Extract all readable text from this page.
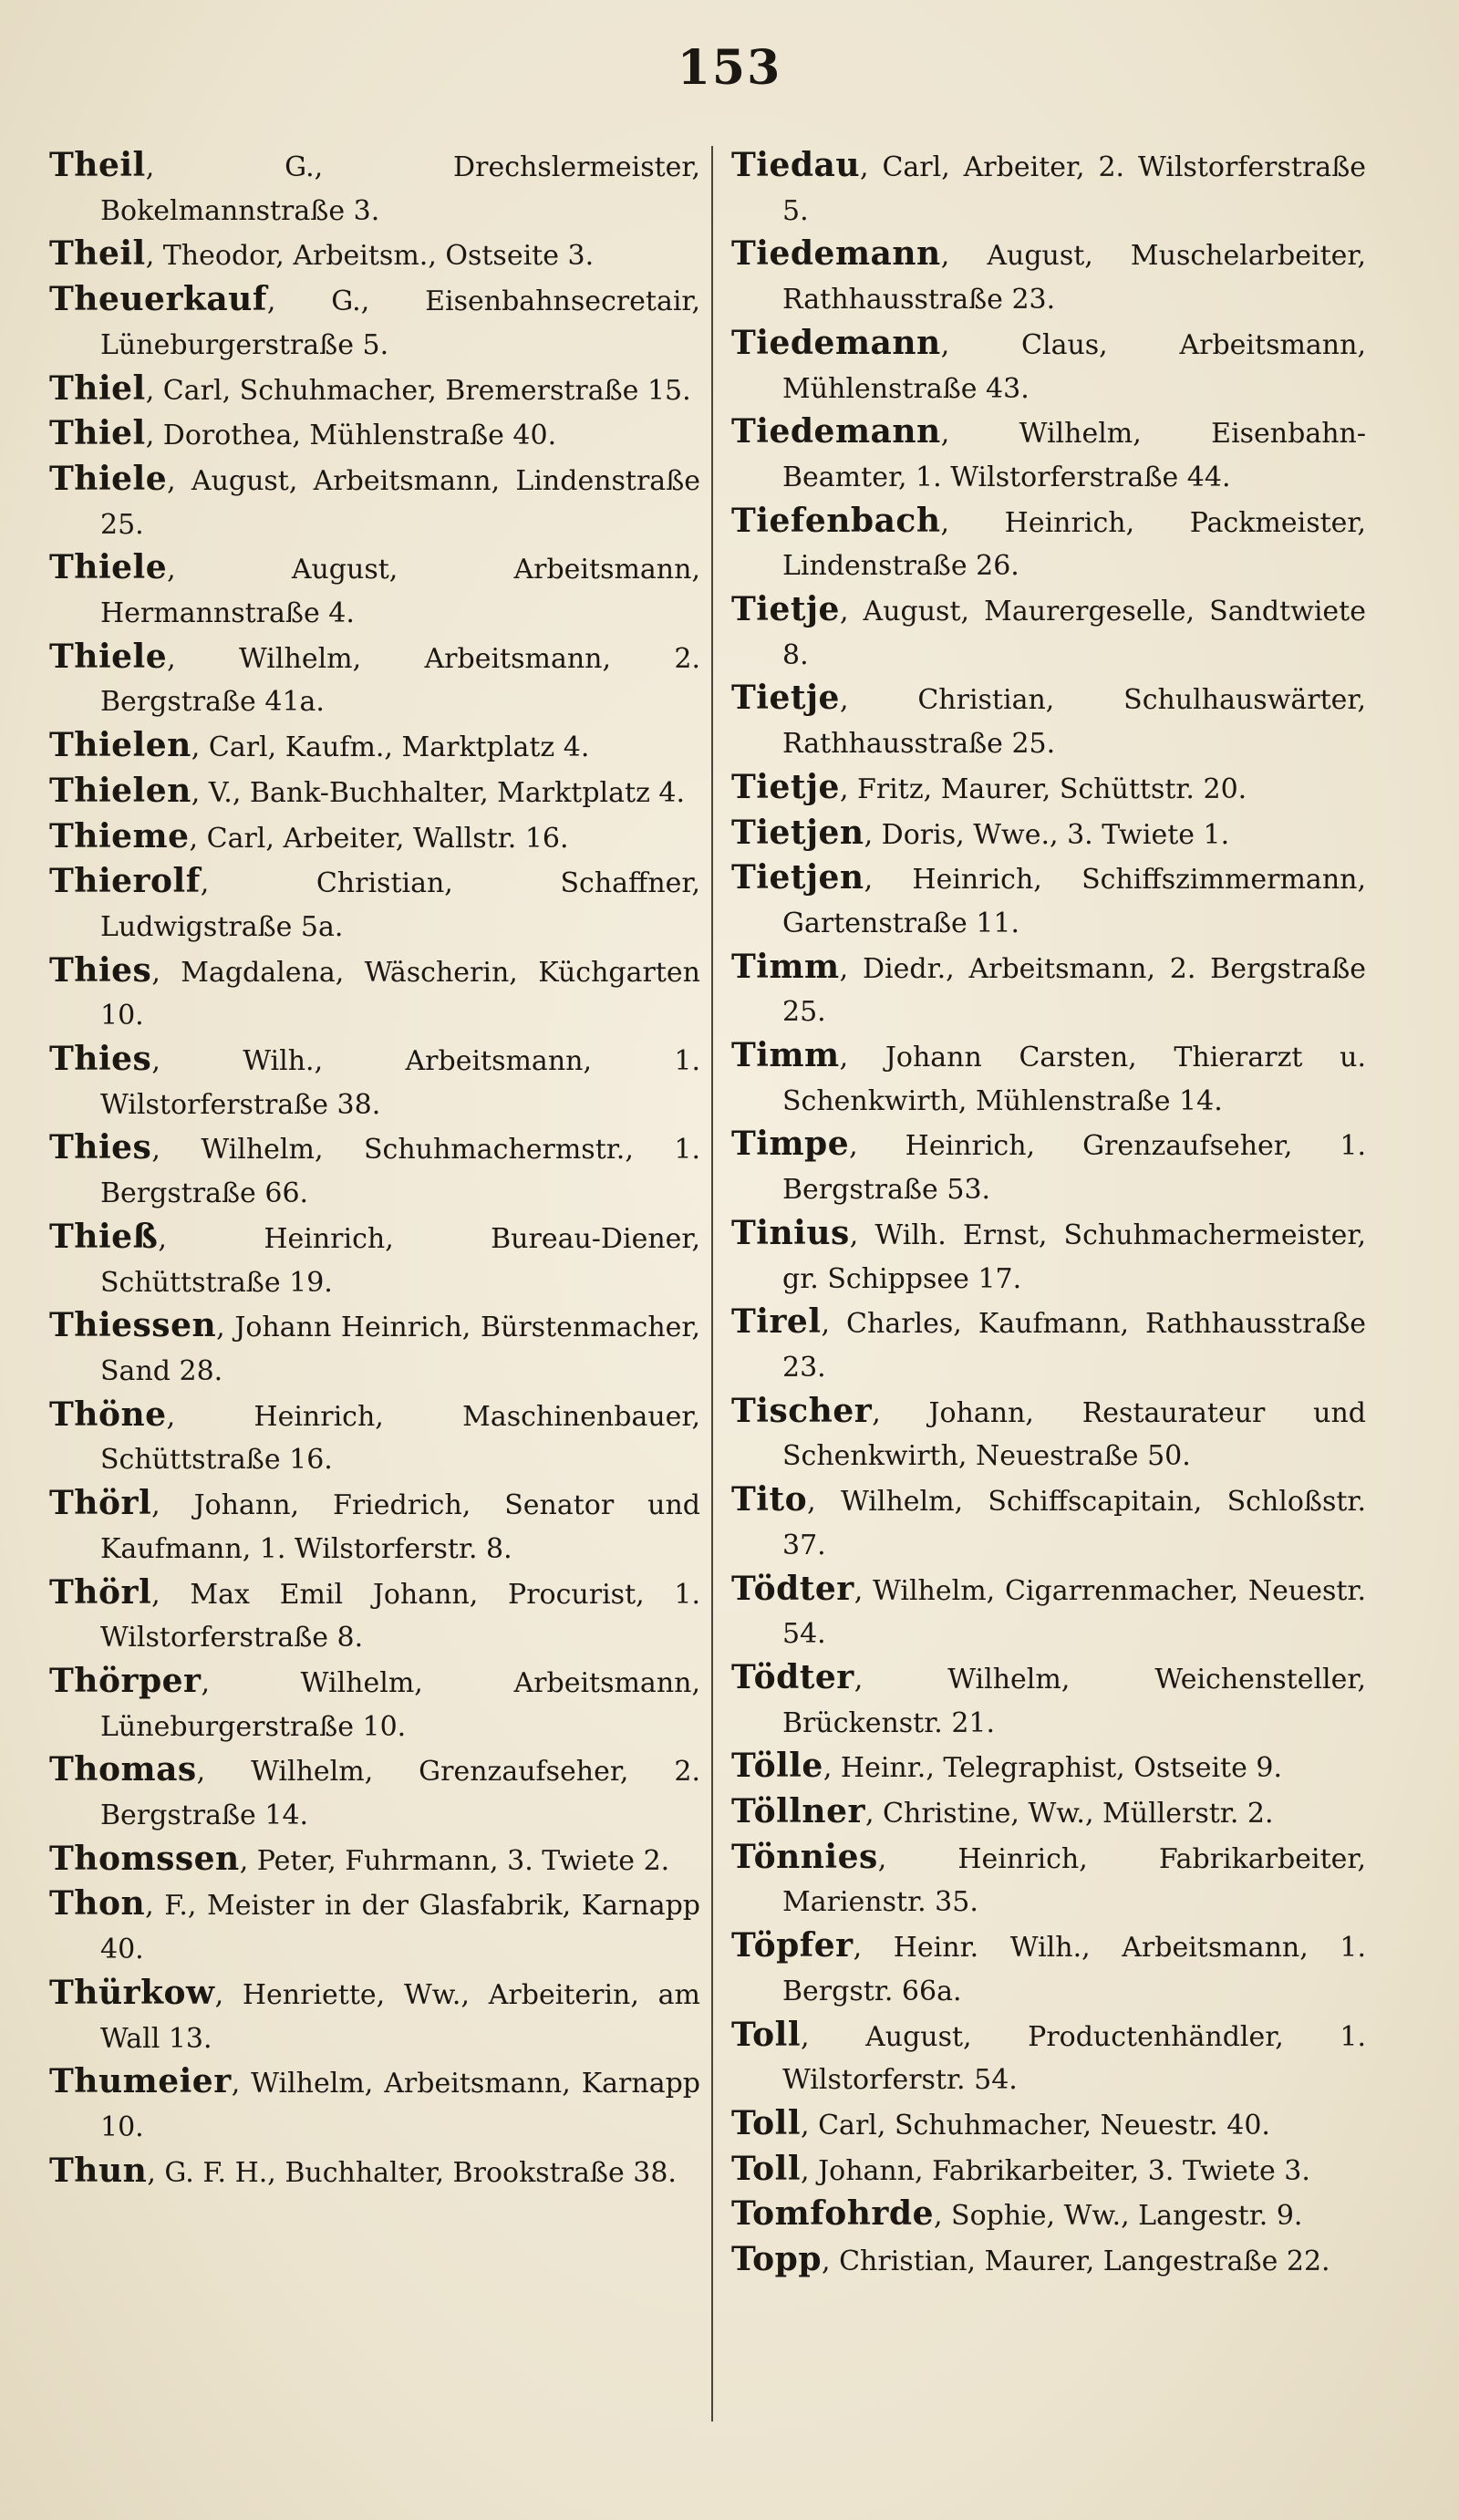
153

Theil, G., Drechslermeister, Bokelmannstraße 3.

Theil, Theodor, Arbeitsm., Ostseite 3.

Theuerkauf, G., Eisenbahnsecretair, Lüneburgerstraße 5.

Thiel, Carl, Schuhmacher, Bremerstraße 15.

Thiel, Dorothea, Mühlenstraße 40.

Thiele, August, Arbeitsmann, Lindenstraße 25.

Thiele, August, Arbeitsmann, Hermannstraße 4.

Thiele, Wilhelm, Arbeitsmann, 2. Bergstraße 41a.

Thielen, Carl, Kaufm., Marktplatz 4.

Thielen, V., Bank-Buchhalter, Marktplatz 4.

Thieme, Carl, Arbeiter, Wallstr. 16.

Thierolf, Christian, Schaffner, Ludwigstraße 5a.

Thies, Magdalena, Wäscherin, Küchgarten 10.

Thies, Wilh., Arbeitsmann, 1. Wilstorferstraße 38.

Thies, Wilhelm, Schuhmachermstr., 1. Bergstraße 66.

Thieß, Heinrich, Bureau-Diener, Schüttstraße 19.

Thiessen, Johann Heinrich, Bürstenmacher, Sand 28.

Thöne, Heinrich, Maschinenbauer, Schüttstraße 16.

Thörl, Johann, Friedrich, Senator und Kaufmann, 1. Wilstorferstr. 8.

Thörl, Max Emil Johann, Procurist, 1. Wilstorferstraße 8.

Thörper, Wilhelm, Arbeitsmann, Lüneburgerstraße 10.

Thomas, Wilhelm, Grenzaufseher, 2. Bergstraße 14.

Thomssen, Peter, Fuhrmann, 3. Twiete 2.

Thon, F., Meister in der Glasfabrik, Karnapp 40.

Thürkow, Henriette, Ww., Arbeiterin, am Wall 13.

Thumeier, Wilhelm, Arbeitsmann, Karnapp 10.

Thun, G. F. H., Buchhalter, Brookstraße 38.

Tiedau, Carl, Arbeiter, 2. Wilstorferstraße 5.

Tiedemann, August, Muschelarbeiter, Rathhausstraße 23.

Tiedemann, Claus, Arbeitsmann, Mühlenstraße 43.

Tiedemann, Wilhelm, Eisenbahn-Beamter, 1. Wilstorferstraße 44.

Tiefenbach, Heinrich, Packmeister, Lindenstraße 26.

Tietje, August, Maurergeselle, Sandtwiete 8.

Tietje, Christian, Schulhauswärter, Rathhausstraße 25.

Tietje, Fritz, Maurer, Schüttstr. 20.

Tietjen, Doris, Wwe., 3. Twiete 1.

Tietjen, Heinrich, Schiffszimmermann, Gartenstraße 11.

Timm, Diedr., Arbeitsmann, 2. Bergstraße 25.

Timm, Johann Carsten, Thierarzt u. Schenkwirth, Mühlenstraße 14.

Timpe, Heinrich, Grenzaufseher, 1. Bergstraße 53.

Tinius, Wilh. Ernst, Schuhmachermeister, gr. Schippsee 17.

Tirel, Charles, Kaufmann, Rathhausstraße 23.

Tischer, Johann, Restaurateur und Schenkwirth, Neuestraße 50.

Tito, Wilhelm, Schiffscapitain, Schloßstr. 37.

Tödter, Wilhelm, Cigarrenmacher, Neuestr. 54.

Tödter, Wilhelm, Weichensteller, Brückenstr. 21.

Tölle, Heinr., Telegraphist, Ostseite 9.

Töllner, Christine, Ww., Müllerstr. 2.

Tönnies, Heinrich, Fabrikarbeiter, Marienstr. 35.

Töpfer, Heinr. Wilh., Arbeitsmann, 1. Bergstr. 66a.

Toll, August, Productenhändler, 1. Wilstorferstr. 54.

Toll, Carl, Schuhmacher, Neuestr. 40.

Toll, Johann, Fabrikarbeiter, 3. Twiete 3.

Tomfohrde, Sophie, Ww., Langestr. 9.

Topp, Christian, Maurer, Langestraße 22.
